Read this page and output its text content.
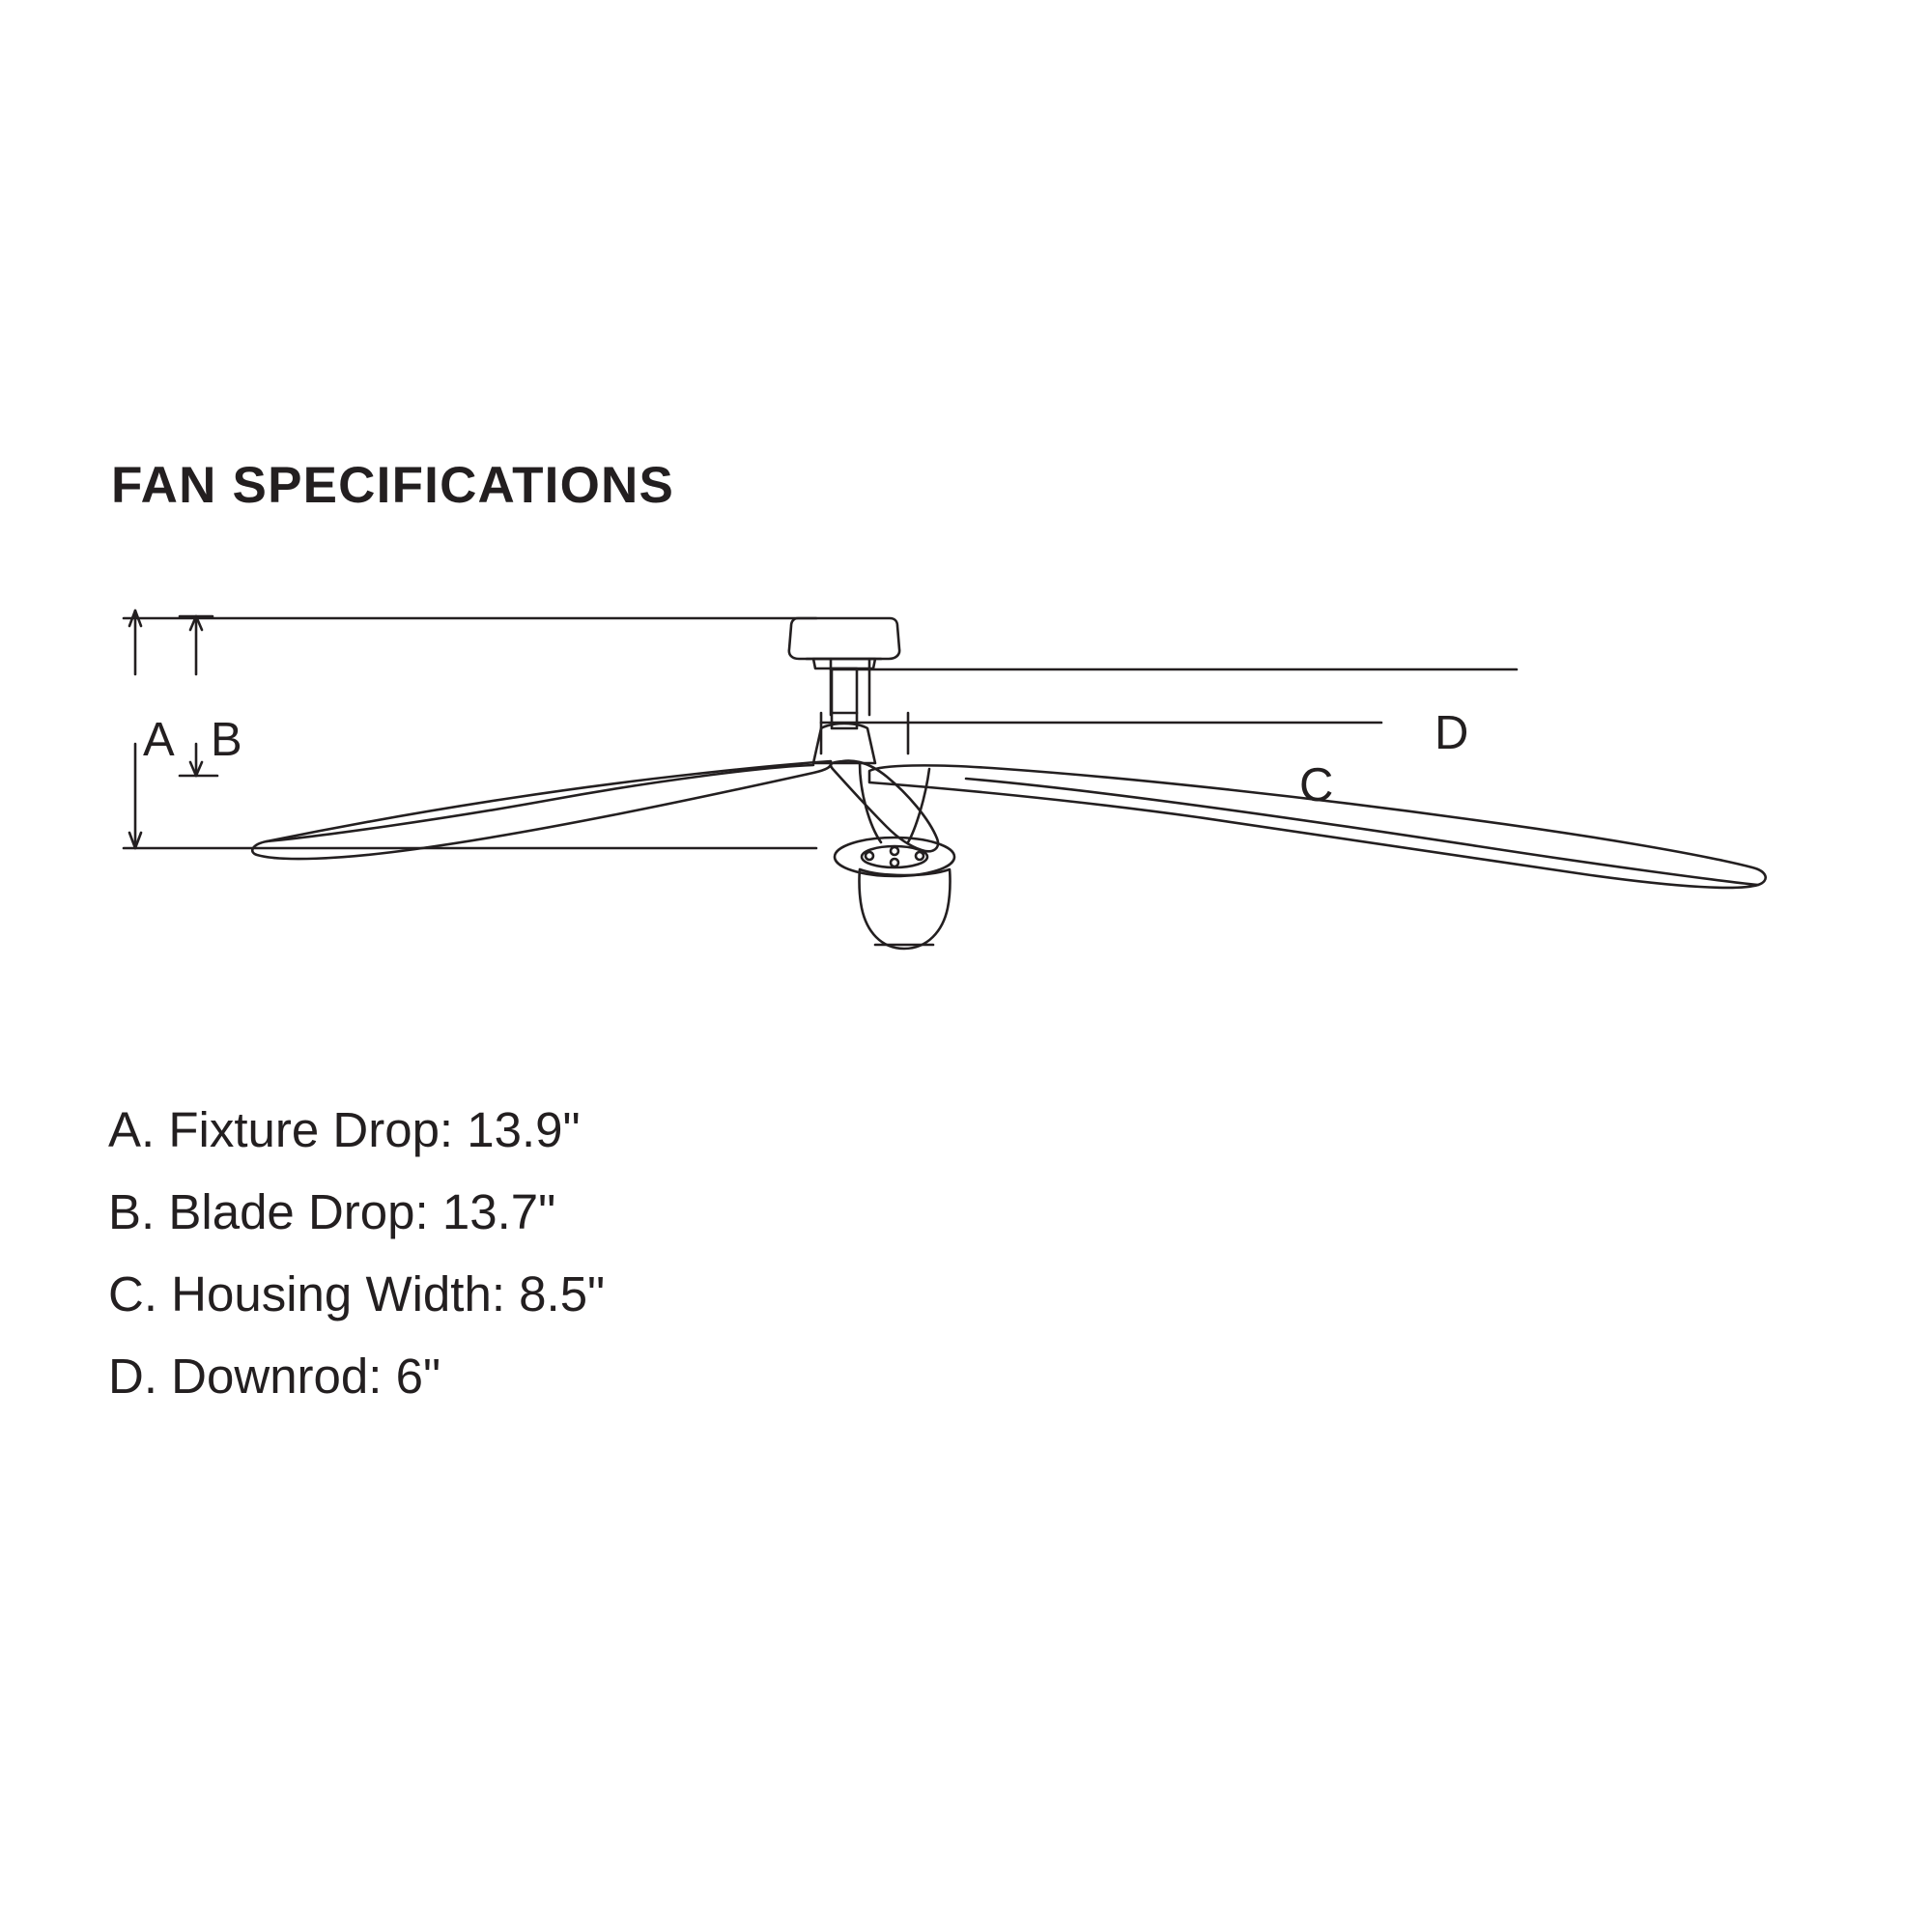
FAN SPECIFICATIONS
A B
C
D
A. Fixture Drop: 13.9"
B. Blade Drop: 13.7"
C. Housing Width: 8.5"
D. Downrod: 6"
